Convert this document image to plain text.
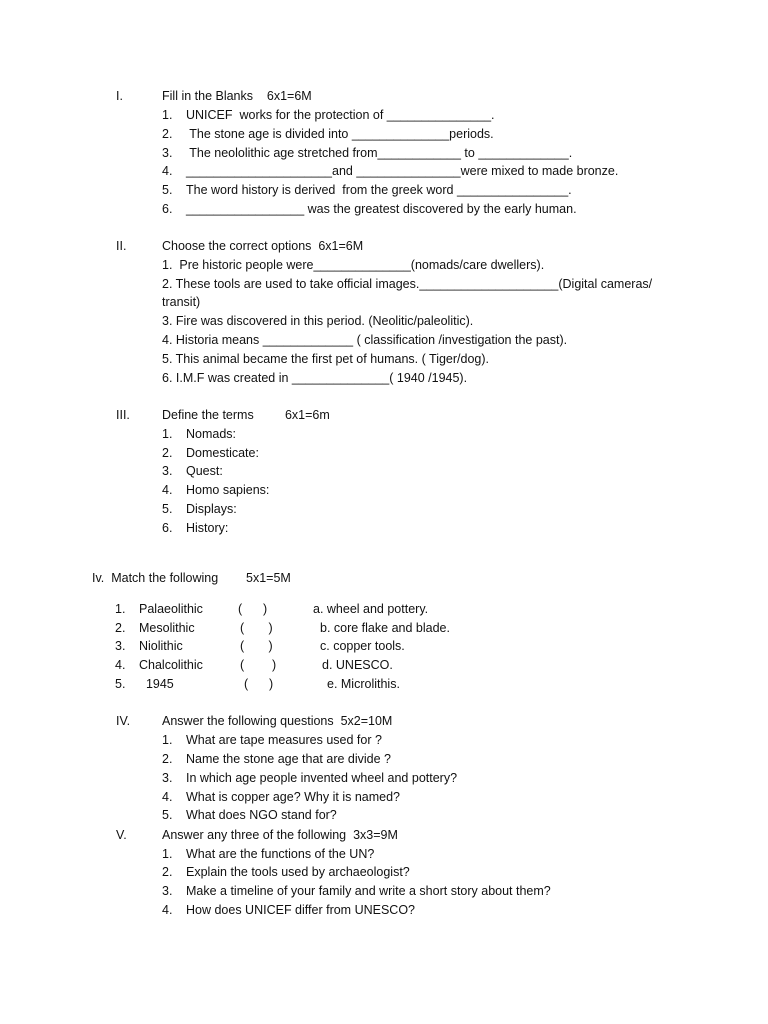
I.	Fill in the Blanks    6x1=6M
1. UNICEF  works for the protection of _______________.
2. The stone age is divided into ______________periods.
3. The neololithic age stretched from____________ to _____________.
4. _____________________and _______________were mixed to made bronze.
5. The word history is derived  from the greek word ________________.
6. _________________ was the greatest discovered by the early human.
II.	Choose the correct options  6x1=6M
1.  Pre historic people were______________(nomads/care dwellers).
2. These tools are used to take official images.____________________(Digital cameras/
transit)
3. Fire was discovered in this period. (Neolitic/paleolitic).
4. Historia means _____________ ( classification /investigation the past).
5. This animal became the first pet of humans. ( Tiger/dog).
6. I.M.F was created in ______________( 1940 /1945).
III.	Define the terms         6x1=6m
1. Nomads:
2. Domesticate:
3. Quest:
4. Homo sapiens:
5. Displays:
6. History:
Iv.  Match the following        5x1=5M
1. Palaeolithic	(      )	a. wheel and pottery.
2. Mesolithic	(       )	b. core flake and blade.
3. Niolithic	(       )	c. copper tools.
4. Chalcolithic	(        )	d. UNESCO.
5. 1945	(      )	e. Microlithis.
IV.	Answer the following questions  5x2=10M
1. What are tape measures used for ?
2. Name the stone age that are divide ?
3. In which age people invented wheel and pottery?
4. What is copper age? Why it is named?
5. What does NGO stand for?
V.	Answer any three of the following  3x3=9M
1. What are the functions of the UN?
2. Explain the tools used by archaeologist?
3. Make a timeline of your family and write a short story about them?
4. How does UNICEF differ from UNESCO?
